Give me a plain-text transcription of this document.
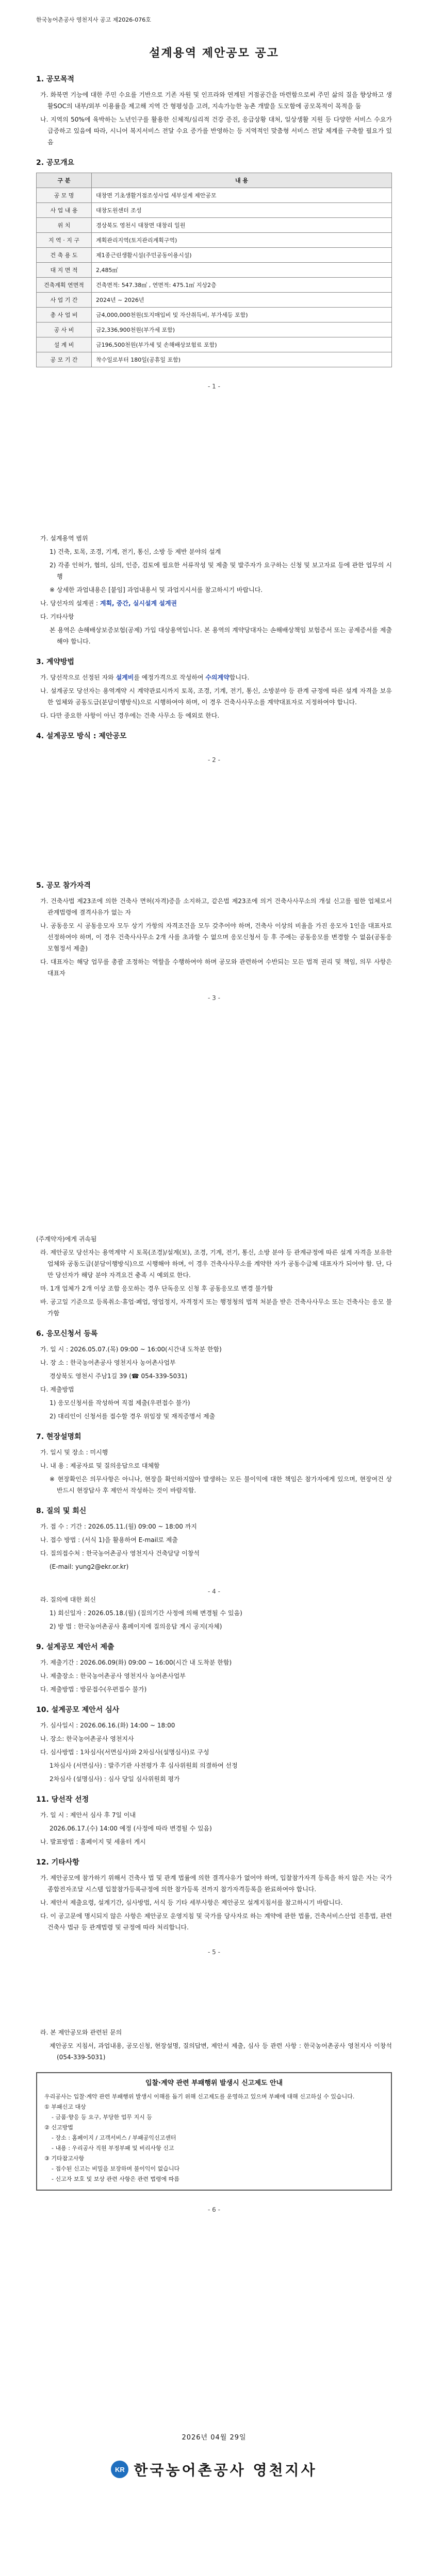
한국농어촌공사 영천지사 공고 제2026-076호
설계용역 제안공모 공고
1. 공모목적
가. 화북면 기능에 대한 주민 수요를 기반으로 기존 자원 및 인프라와 연계된 거점공간을 마련함으로써 주민 삶의 질을 향상하고 생활SOC의 내부/외부 이용률을 제고해 지역 간 형평성을 고려, 지속가능한 농촌 개발을 도모함에 공모목적이 목적을 둠
나. 지역의 50%에 육박하는 노년인구를 활용한 신체적/심리적 건강 증진, 응급상황 대처, 일상생활 지원 등 다양한 서비스 수요가 급증하고 있음에 따라, 시니어 복지서비스 전달 수요 증가를 반영하는 등 지역적인 맞춤형 서비스 전달 체계를 구축할 필요가 있음
2. 공모개요
구 분	내 용
공 모 명	대창면 기초생활거점조성사업 세부설계 제안공모
사 업 내 용	대창도원센터 조성
위 치	경상북도 영천시 대창면 대창리 일원
지 역 · 지 구	계획관리지역(토지관리계획구역)
건 축 용 도	제1종근린생활시설(주민공동이용시설)
대 지 면 적	2,485㎡
건축계획 연면적	건축면적: 547.38㎡ , 연면적: 475.1㎡ 지상2층
사 업 기 간	2024년 ~ 2026년
총 사 업 비	금4,000,000천원(토지매입비 및 자산취득비, 부가세등 포함)
공 사 비	금2,336,900천원(부가세 포함)
설 계 비	금196,500천원(부가세 및 손해배상보험료 포함)
공 모 기 간	착수일로부터 180일(공휴일 포함)
- 1 -
가. 설계용역 범위
1) 건축, 토목, 조경, 기계, 전기, 통신, 소방 등 제반 분야의 설계
2) 각종 인허가, 협의, 심의, 인증, 검토에 필요한 서류작성 및 제출 및 발주자가 요구하는 신청 및 보고자료 등에 관한 업무의 시행
※ 상세한 과업내용은 [붙임] 과업내용서 및 과업지시서를 참고하시기 바랍니다.
나. 당선자의 설계권 : 계획, 중간, 실시설계 설계권
다. 기타사항
본 용역은 손해배상보증보험(공제) 가입 대상용역입니다. 본 용역의 계약당대자는 손해배상책임 보험증서 또는 공제증서를 제출해야 합니다.
3. 계약방법
가. 당선작으로 선정된 자와 설계비를 예정가격으로 작성하여 수의계약합니다.
나. 설계공모 당선자는 용역계약 시 계약관료시까지 토목, 조경, 기계, 전기, 통신, 소방분야 등 관계 규정에 따른 설계 자격을 보유한 업체와 공동도급(분담이행방식)으로 시행하여야 하며, 이 경우 건축사사무소를 계약대표자로 지정하여야 합니다.
다. 다만 중요한 사항이 아닌 경우에는 건축 사무소 등 예외로 한다.
4. 설계공모 방식 : 제안공모
- 2 -
5. 공모 참가자격
가. 건축사법 제23조에 의한 건축사 면허(자격)증을 소지하고, 같은법 제23조에 의거 건축사사무소의 개설 신고를 필한 업체로서 관계법령에 결격사유가 없는 자
나. 공동응모 시 공동응모자 모두 상기 가항의 자격조건을 모두 갖추어야 하며, 건축사 이상의 비율을 가진 응모자 1인을 대표자로 선정하여야 하며, 이 경우 건축사사무소 2개 사를 초과할 수 없으며 응모신청서 등 후 주에는 공동응모를 변경할 수 없음(공동응모협정서 제출)
다. 대표자는 해당 업무를 총괄 조정하는 역할을 수행하여야 하며 공모와 관련하여 수반되는 모든 법적 권리 및 책임, 의무 사항은 대표자
- 3 -
(주계약자)에게 귀속됨
라. 제안공모 당선자는 용역계약 시 토목(조경)/설계(보), 조경, 기계, 전기, 통신, 소방 분야 등 관계규정에 따른 설계 자격을 보유한 업체와 공동도급(분담이행방식)으로 시행해야 하며, 이 경우 건축사사무소를 계약한 자가 공동수급체 대표자가 되어야 함. 단, 다만 당선자가 해당 분야 자격요건 충족 시 예외로 한다.
마. 1개 업체가 2개 이상 조합 응모하는 경우 단독응모 신청 후 공동응모로 변경 불가함
바. 공고일 기준으로 등록취소·휴업·폐업, 영업정지, 자격정지 또는 행정청의 법적 처분을 받은 건축사사무소 또는 건축사는 응모 불가함
6. 응모신청서 등록
가. 일 시 : 2026.05.07.(목) 09:00 ~ 16:00(시간내 도착분 한함)
나. 장 소 : 한국농어촌공사 영천지사 농어촌사업부
경상북도 영천시 주남1길 39 (☎ 054-339-5031)
다. 제출방법
1) 응모신청서를 작성하여 직접 제출(우편접수 불가)
2) 대리인이 신청서를 접수할 경우 위임장 및 재직증명서 제출
7. 현장설명회
가. 일시 및 장소 : 미시행
나. 내 용 : 제공자료 및 질의응답으로 대체함
※ 현장확인은 의무사항은 아니나, 현장을 확인하지않아 발생하는 모든 불이익에 대한 책임은 참가자에게 있으며, 현장여건 상 반드시 현장답사 후 제안서 작성하는 것이 바람직함.
8. 질의 및 회신
가. 접 수 : 기간 : 2026.05.11.(월) 09:00 ~ 18:00 까지
나. 접수 방법 : (서식 1)을 활용하여 E-mail로 제출
다. 질의접수처 : 한국농어촌공사 영천지사 건축담당 이창석
(E-mail: yung2@ekr.or.kr)
- 4 -
라. 질의에 대한 회신
1) 회신일자 : 2026.05.18.(월) (질의기간 사정에 의해 변경될 수 있음)
2) 방 법 : 한국농어촌공사 홈페이지에 질의응답 게시 공지(자체)
9. 설계공모 제안서 제출
가. 제출기간 : 2026.06.09(화) 09:00 ~ 16:00(시간 내 도착분 한함)
나. 제출장소 : 한국농어촌공사 영천지사 농어촌사업부
다. 제출방법 : 방문접수(우편접수 불가)
10. 설계공모 제안서 심사
가. 심사일시 : 2026.06.16.(화) 14:00 ~ 18:00
나. 장소: 한국농어촌공사 영천지사
다. 심사방법 : 1차심사(서면심사)와 2차심사(설명심사)로 구성
1차심사 (서면심사) : 발주기관 사전평가 후 심사위원회 의결하여 선정
2차심사 (설명심사) : 심사 당일 심사위원회 평가
11. 당선작 선정
가. 일 시 : 제안서 심사 후 7일 이내
2026.06.17.(수) 14:00 예정 (사정에 따라 변경될 수 있음)
나. 발표방법 : 홈페이지 및 세움터 게시
12. 기타사항
가. 제안공모에 참가하기 위해서 건축사 법 및 관계 법률에 의한 결격사유가 없어야 하며, 입찰참가자격 등록을 하지 않은 자는 국가종합전자조달 시스템 입찰참가등록규정에 의한 참가등록 전까지 참가자격등록을 완료하여야 합니다.
나. 제안서 제출요령, 설계기간, 심사방법, 서식 등 기타 세부사항은 제안공모 설계지침서를 참고하시기 바랍니다.
다. 이 공고문에 명시되지 않은 사항은 제안공모 운영지침 및 국가를 당사자로 하는 계약에 관한 법률, 건축서비스산업 진흥법, 관련 건축사 법규 등 관계법령 및 규정에 따라 처리합니다.
- 5 -
라. 본 제안공모와 관련된 문의
제안공모 지침서, 과업내용, 공모신청, 현장설명, 질의답변, 제안서 제출, 심사 등 관련 사항 : 한국농어촌공사 영천지사 이창석(054-339-5031)
입찰·계약 관련 부패행위 발생시 신고제도 안내
우리공사는 입찰·계약 관련 부패행위 발생시 이해를 돕기 위해 신고제도를 운영하고 있으며 부패에 대해 신고하실 수 있습니다.
① 부패신고 대상
- 금품·향응 등 요구, 부당한 업무 지시 등
② 신고방법
- 장소 : 홈페이지 / 고객서비스 / 부패공익신고센터
- 내용 : 우리공사 직원 부정부패 및 비리사항 신고
③ 기타참고사항
- 접수된 신고는 비밀을 보장하며 불이익이 없습니다
- 신고자 보호 및 보상 관련 사항은 관련 법령에 따름
- 6 -
2026년 04월 29일
KR 한국농어촌공사 영천지사
